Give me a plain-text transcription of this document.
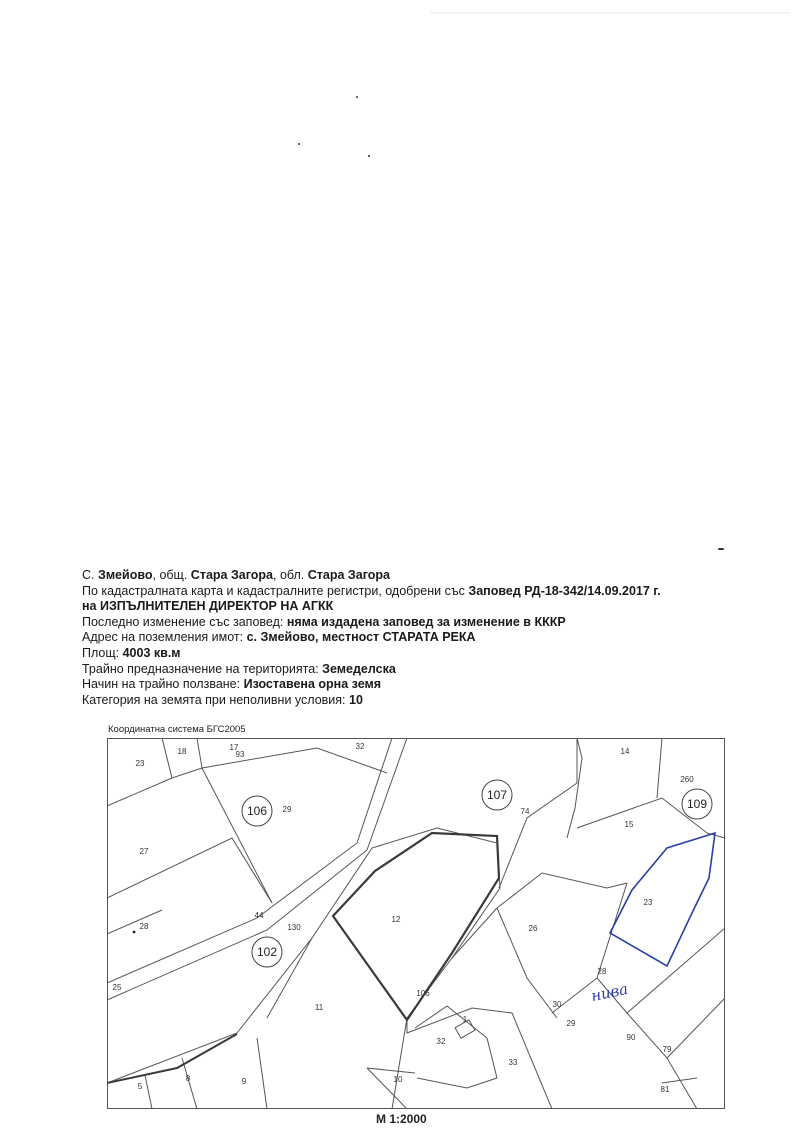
С. Змейово, общ. Стара Загора, обл. Стара Загора
По кадастралната карта и кадастралните регистри, одобрени със Заповед РД-18-342/14.09.2017 г.
на ИЗПЪЛНИТЕЛЕН ДИРЕКТОР НА АГКК
Последно изменение със заповед: няма издадена заповед за изменение в КККР
Адрес на поземления имот: с. Змейово, местност СТАРАТА РЕКА
Площ: 4003 кв.м
Трайно предназначение на територията: Земеделска
Начин на трайно ползване: Изоставена орна земя
Категория на земята при неполивни условия: 10
Координатна система БГС2005
106
107
109
102
18	17
93
32
14
23
260
29	74
15
27
12
23
44
130
28	26
28
25
106
11	30
29
90
79
1
32
33
5
8	9	10
81
нива
М 1:2000
